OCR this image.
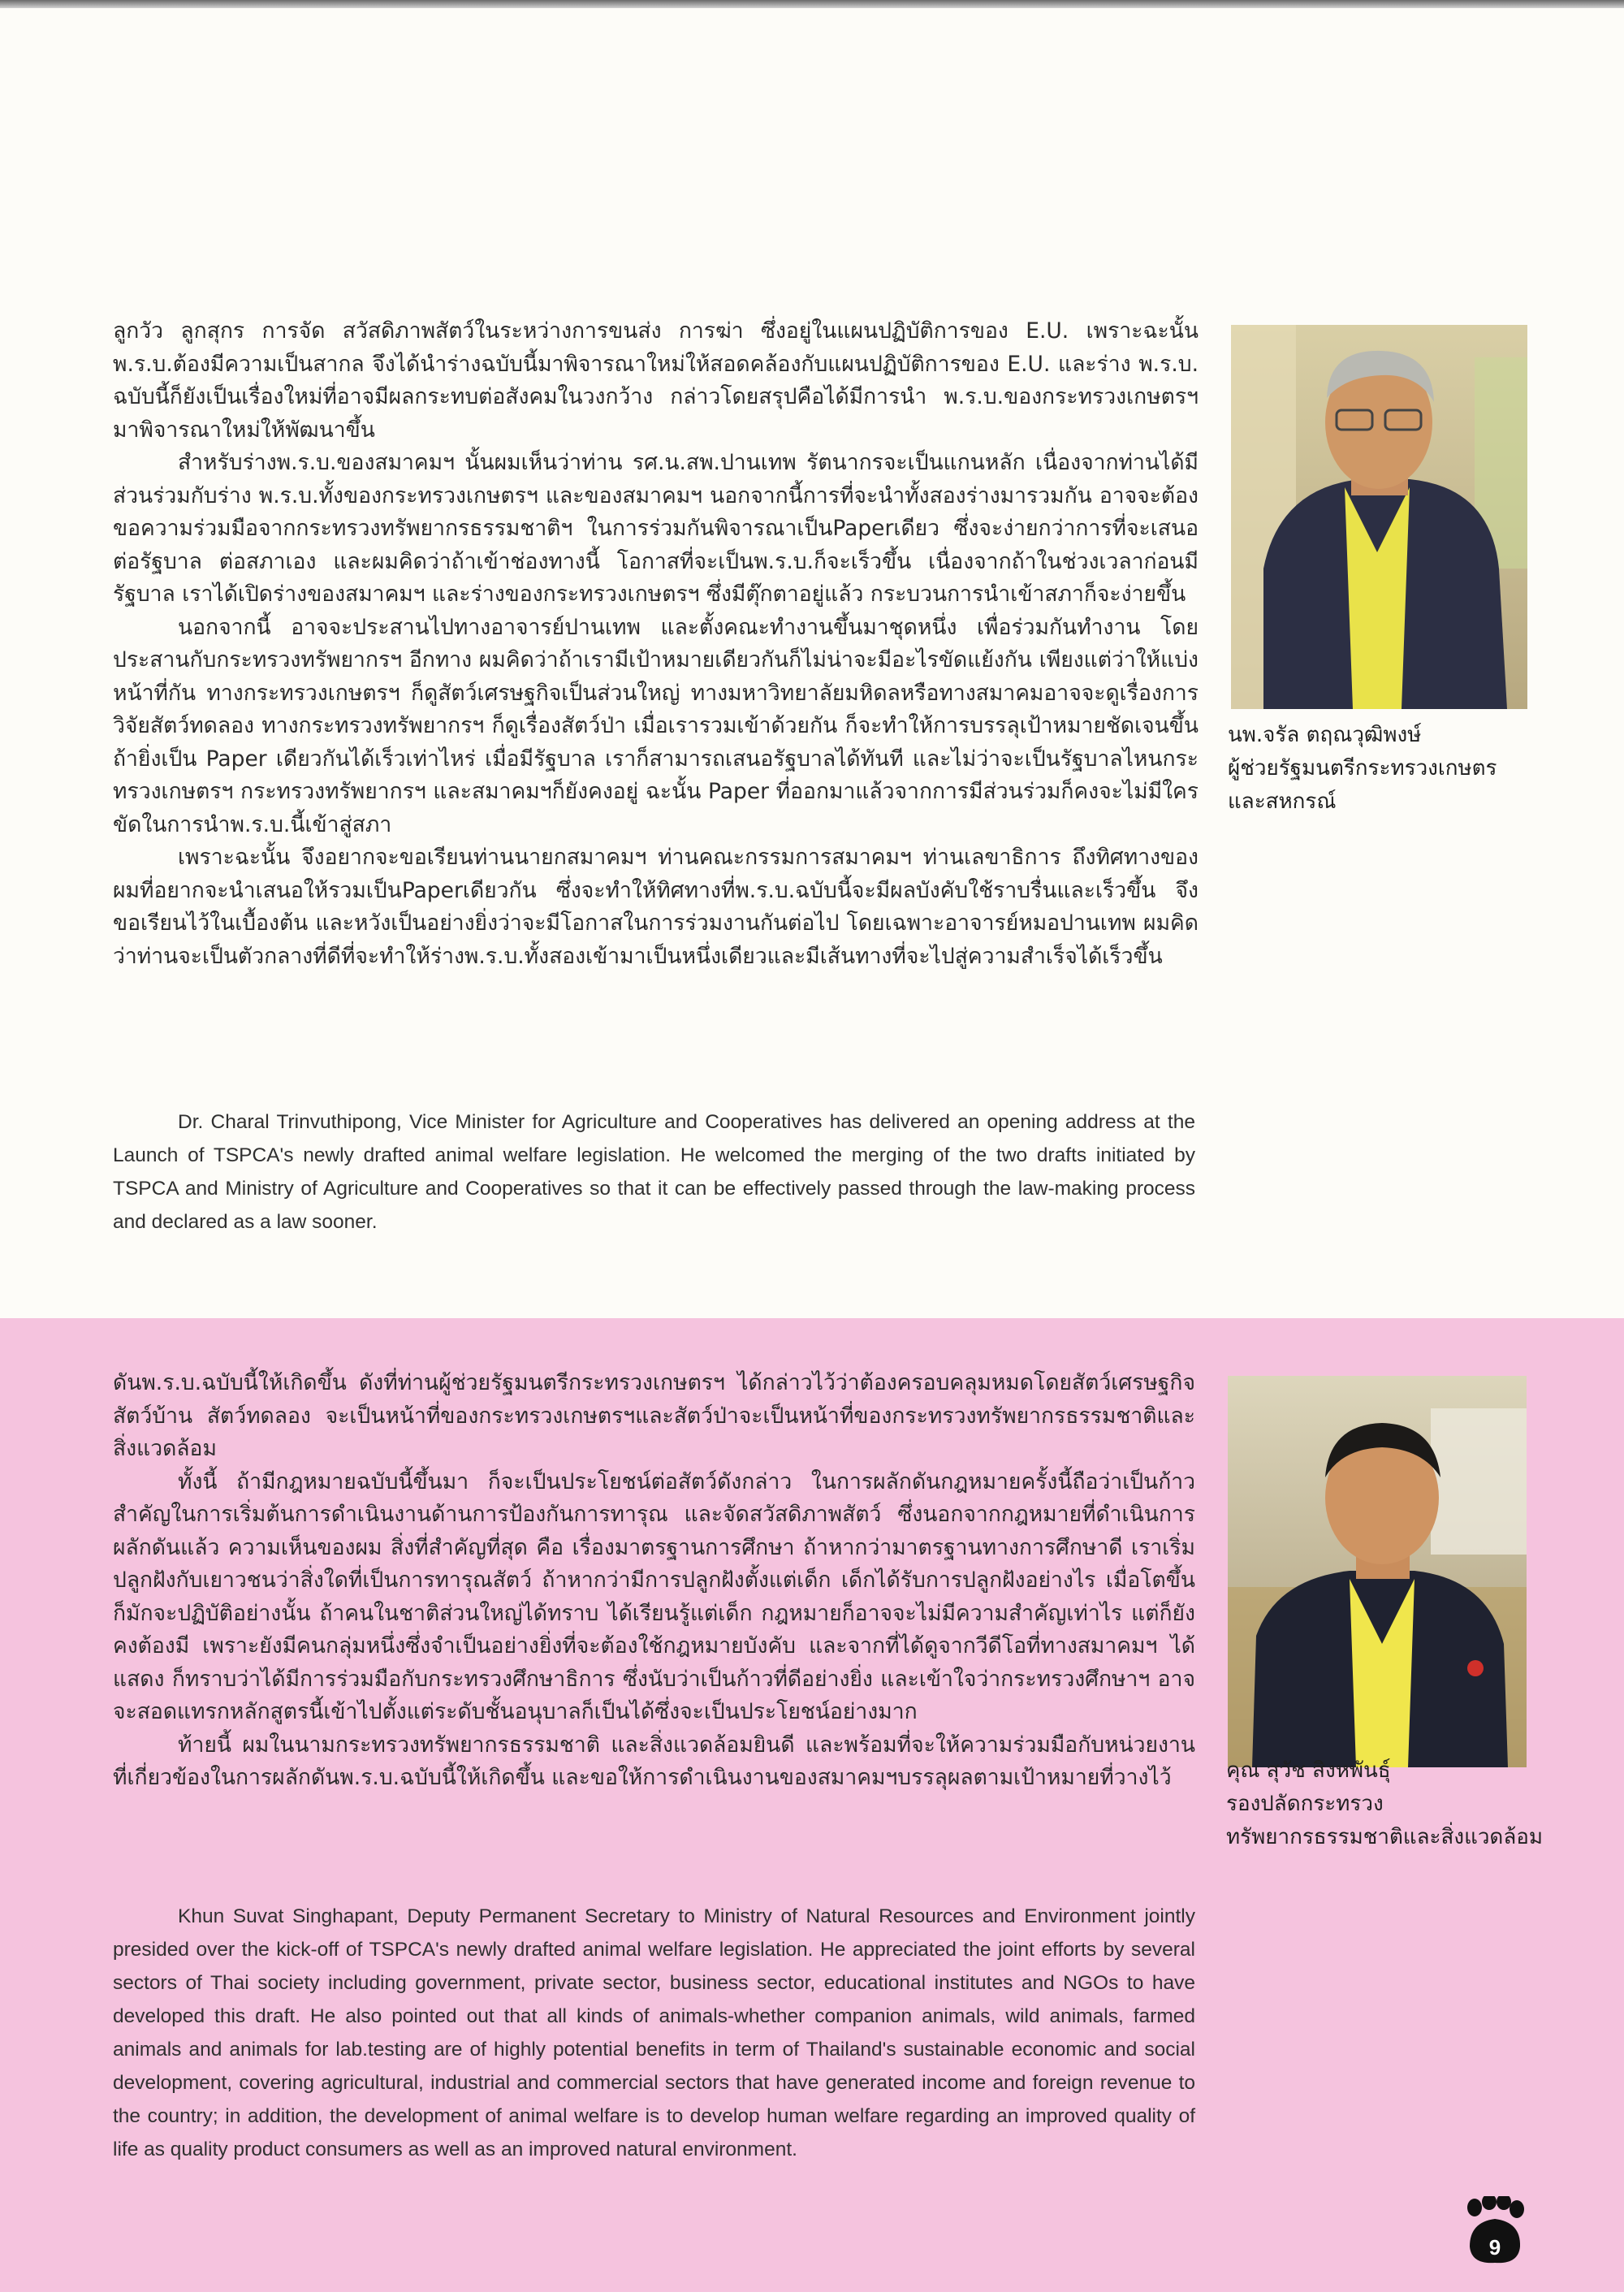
ลูกวัว ลูกสุกร การจัด สวัสดิภาพสัตว์ในระหว่างการขนส่ง การฆ่า ซึ่งอยู่ในแผนปฏิบัติการของ E.U. เพราะฉะนั้น พ.ร.บ.ต้องมีความเป็นสากล จึงได้นำร่างฉบับนี้มาพิจารณาใหม่ให้สอดคล้องกับแผนปฏิบัติการของ E.U. และร่าง พ.ร.บ. ฉบับนี้ก็ยังเป็นเรื่องใหม่ที่อาจมีผลกระทบต่อสังคมในวงกว้าง กล่าวโดยสรุปคือได้มีการนำ พ.ร.บ.ของกระทรวงเกษตรฯ มาพิจารณาใหม่ให้พัฒนาขึ้น

สำหรับร่างพ.ร.บ.ของสมาคมฯ นั้นผมเห็นว่าท่าน รศ.น.สพ.ปานเทพ รัตนากรจะเป็นแกนหลัก เนื่องจากท่านได้มีส่วนร่วมกับร่าง พ.ร.บ.ทั้งของกระทรวงเกษตรฯ และของสมาคมฯ นอกจากนี้การที่จะนำทั้งสองร่างมารวมกัน อาจจะต้องขอความร่วมมือจากกระทรวงทรัพยากรธรรมชาติฯ ในการร่วมกันพิจารณาเป็นPaperเดียว ซึ่งจะง่ายกว่าการที่จะเสนอต่อรัฐบาล ต่อสภาเอง และผมคิดว่าถ้าเข้าช่องทางนี้ โอกาสที่จะเป็นพ.ร.บ.ก็จะเร็วขึ้น เนื่องจากถ้าในช่วงเวลาก่อนมีรัฐบาล เราได้เปิดร่างของสมาคมฯ และร่างของกระทรวงเกษตรฯ ซึ่งมีตุ๊กตาอยู่แล้ว กระบวนการนำเข้าสภาก็จะง่ายขึ้น

นอกจากนี้ อาจจะประสานไปทางอาจารย์ปานเทพ และตั้งคณะทำงานขึ้นมาชุดหนึ่ง เพื่อร่วมกันทำงาน โดยประสานกับกระทรวงทรัพยากรฯ อีกทาง ผมคิดว่าถ้าเรามีเป้าหมายเดียวกันก็ไม่น่าจะมีอะไรขัดแย้งกัน เพียงแต่ว่าให้แบ่งหน้าที่กัน ทางกระทรวงเกษตรฯ ก็ดูสัตว์เศรษฐกิจเป็นส่วนใหญ่ ทางมหาวิทยาลัยมหิดลหรือทางสมาคมอาจจะดูเรื่องการวิจัยสัตว์ทดลอง ทางกระทรวงทรัพยากรฯ ก็ดูเรื่องสัตว์ป่า เมื่อเรารวมเข้าด้วยกัน ก็จะทำให้การบรรลุเป้าหมายชัดเจนขึ้น ถ้ายิ่งเป็น Paper เดียวกันได้เร็วเท่าไหร่ เมื่อมีรัฐบาล เราก็สามารถเสนอรัฐบาลได้ทันที และไม่ว่าจะเป็นรัฐบาลไหนกระทรวงเกษตรฯ กระทรวงทรัพยากรฯ และสมาคมฯก็ยังคงอยู่ ฉะนั้น Paper ที่ออกมาแล้วจากการมีส่วนร่วมก็คงจะไม่มีใครขัดในการนำพ.ร.บ.นี้เข้าสู่สภา

เพราะฉะนั้น จึงอยากจะขอเรียนท่านนายกสมาคมฯ ท่านคณะกรรมการสมาคมฯ ท่านเลขาธิการ ถึงทิศทางของผมที่อยากจะนำเสนอให้รวมเป็นPaperเดียวกัน ซึ่งจะทำให้ทิศทางที่พ.ร.บ.ฉบับนี้จะมีผลบังคับใช้ราบรื่นและเร็วขึ้น จึงขอเรียนไว้ในเบื้องต้น และหวังเป็นอย่างยิ่งว่าจะมีโอกาสในการร่วมงานกันต่อไป โดยเฉพาะอาจารย์หมอปานเทพ ผมคิดว่าท่านจะเป็นตัวกลางที่ดีที่จะทำให้ร่างพ.ร.บ.ทั้งสองเข้ามาเป็นหนึ่งเดียวและมีเส้นทางที่จะไปสู่ความสำเร็จได้เร็วขึ้น

Dr. Charal Trinvuthipong, Vice Minister for Agriculture and Cooperatives has delivered an opening address at the Launch of TSPCA's newly drafted animal welfare legislation. He welcomed the merging of the two drafts initiated by TSPCA and Ministry of Agriculture and Cooperatives so that it can be effectively passed through the law-making process and declared as a law sooner.

นพ.จรัล ตฤณวุฒิพงษ์
ผู้ช่วยรัฐมนตรีกระทรวงเกษตร
และสหกรณ์

ดันพ.ร.บ.ฉบับนี้ให้เกิดขึ้น ดังที่ท่านผู้ช่วยรัฐมนตรีกระทรวงเกษตรฯ ได้กล่าวไว้ว่าต้องครอบคลุมหมดโดยสัตว์เศรษฐกิจ สัตว์บ้าน สัตว์ทดลอง จะเป็นหน้าที่ของกระทรวงเกษตรฯและสัตว์ป่าจะเป็นหน้าที่ของกระทรวงทรัพยากรธรรมชาติและสิ่งแวดล้อม

ทั้งนี้ ถ้ามีกฎหมายฉบับนี้ขึ้นมา ก็จะเป็นประโยชน์ต่อสัตว์ดังกล่าว ในการผลักดันกฎหมายครั้งนี้ถือว่าเป็นก้าวสำคัญในการเริ่มต้นการดำเนินงานด้านการป้องกันการทารุณ และจัดสวัสดิภาพสัตว์ ซึ่งนอกจากกฎหมายที่ดำเนินการผลักดันแล้ว ความเห็นของผม สิ่งที่สำคัญที่สุด คือ เรื่องมาตรฐานการศึกษา ถ้าหากว่ามาตรฐานทางการศึกษาดี เราเริ่มปลูกฝังกับเยาวชนว่าสิ่งใดที่เป็นการทารุณสัตว์ ถ้าหากว่ามีการปลูกฝังตั้งแต่เด็ก เด็กได้รับการปลูกฝังอย่างไร เมื่อโตขึ้นก็มักจะปฏิบัติอย่างนั้น ถ้าคนในชาติส่วนใหญ่ได้ทราบ ได้เรียนรู้แต่เด็ก กฎหมายก็อาจจะไม่มีความสำคัญเท่าไร แต่ก็ยังคงต้องมี เพราะยังมีคนกลุ่มหนึ่งซึ่งจำเป็นอย่างยิ่งที่จะต้องใช้กฎหมายบังคับ และจากที่ได้ดูจากวีดีโอที่ทางสมาคมฯ ได้แสดง ก็ทราบว่าได้มีการร่วมมือกับกระทรวงศึกษาธิการ ซึ่งนับว่าเป็นก้าวที่ดีอย่างยิ่ง และเข้าใจว่ากระทรวงศึกษาฯ อาจจะสอดแทรกหลักสูตรนี้เข้าไปตั้งแต่ระดับชั้นอนุบาลก็เป็นได้ซึ่งจะเป็นประโยชน์อย่างมาก

ท้ายนี้ ผมในนามกระทรวงทรัพยากรธรรมชาติ และสิ่งแวดล้อมยินดี และพร้อมที่จะให้ความร่วมมือกับหน่วยงานที่เกี่ยวข้องในการผลักดันพ.ร.บ.ฉบับนี้ให้เกิดขึ้น และขอให้การดำเนินงานของสมาคมฯบรรลุผลตามเป้าหมายที่วางไว้

Khun Suvat Singhapant, Deputy Permanent Secretary to Ministry of Natural Resources and Environment jointly presided over the kick-off of TSPCA's newly drafted animal welfare legislation. He appreciated the joint efforts by several sectors of Thai society including government, private sector, business sector, educational institutes and NGOs to have developed this draft. He also pointed out that all kinds of animals-whether companion animals, wild animals, farmed animals and animals for lab.testing are of highly potential benefits in term of Thailand's sustainable economic and social development, covering agricultural, industrial and commercial sectors that have generated income and foreign revenue to the country; in addition, the development of animal welfare is to develop human welfare regarding an improved quality of life as quality product consumers as well as an improved natural environment.

คุณ สุวัช สิงหพันธุ์
รองปลัดกระทรวง
ทรัพยากรธรรมชาติและสิ่งแวดล้อม
9
